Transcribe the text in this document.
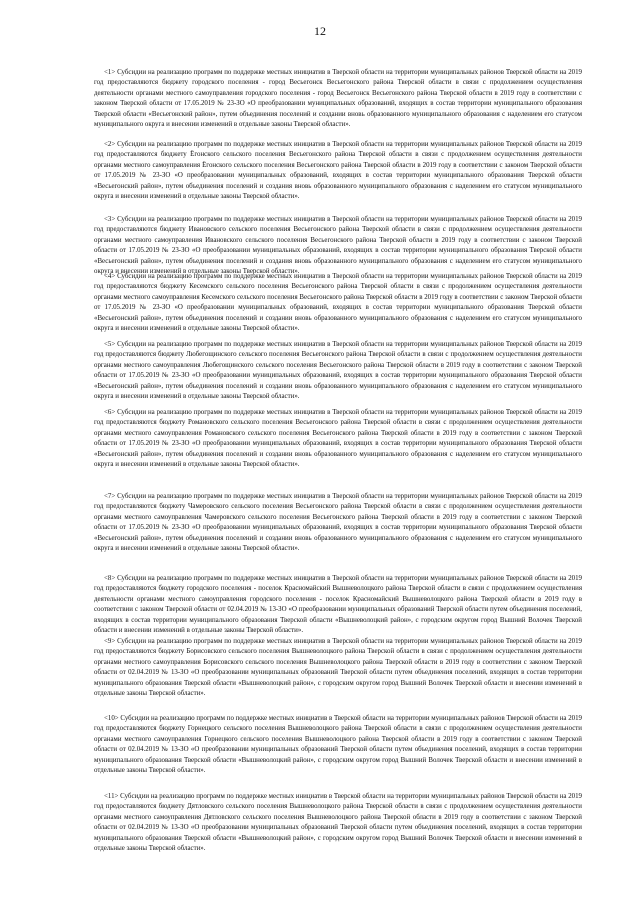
12

<1> Субсидии на реализацию программ по поддержке местных инициатив в Тверской области на территории муниципальных районов Тверской области на 2019 год предоставляются бюджету городского поселения - город Весьегонск Весьегонского района Тверской области в связи с продолжением осуществления деятельности органами местного самоуправления городского поселения - город Весьегонск Весьегонского района Тверской области в 2019 году в соответствии с законом Тверской области от 17.05.2019 № 23-ЗО «О преобразовании муниципальных образований, входящих в состав территории муниципального образования Тверской области «Весьегонский район», путем объединения поселений и создании вновь образованного муниципального образования с наделением его статусом муниципального округа и внесении изменений в отдельные законы Тверской области».

<2> Субсидии на реализацию программ по поддержке местных инициатив в Тверской области на территории муниципальных районов Тверской области на 2019 год предоставляются бюджету Ёгонского сельского поселения Весьегонского района Тверской области в связи с продолжением осуществления деятельности органами местного самоуправления Ёгонского сельского поселения Весьегонского района Тверской области в 2019 году в соответствии с законом Тверской области от 17.05.2019 № 23-ЗО «О преобразовании муниципальных образований, входящих в состав территории муниципального образования Тверской области «Весьегонский район», путем объединения поселений и создания вновь образованного муниципального образования с наделением его статусом муниципального округа и внесении изменений в отдельные законы Тверской области».

<3> Субсидии на реализацию программ по поддержке местных инициатив в Тверской области на территории муниципальных районов Тверской области на 2019 год предоставляются бюджету Ивановского сельского поселения Весьегонского района Тверской области в связи с продолжением осуществления деятельности органами местного самоуправления Ивановского сельского поселения Весьегонского района Тверской области в 2019 году в соответствии с законом Тверской области от 17.05.2019 № 23-ЗО «О преобразовании муниципальных образований, входящих в состав территории муниципального образования Тверской области «Весьегонский район», путем объединения поселений и создания вновь образованного муниципального образования с наделением его статусом муниципального округа и внесении изменений в отдельные законы Тверской области».

<4> Субсидии на реализацию программ по поддержке местных инициатив в Тверской области на территории муниципальных районов Тверской области на 2019 год предоставляются бюджету Кесемского сельского поселения Весьегонского района Тверской области в связи с продолжением осуществления деятельности органами местного самоуправления Кесемского сельского поселения Весьегонского района Тверской области в 2019 году в соответствии с законом Тверской области от 17.05.2019 № 23-ЗО «О преобразовании муниципальных образований, входящих в состав территории муниципального образования Тверской области «Весьегонский район», путем объединения поселений и создании вновь образованного муниципального образования с наделением его статусом муниципального округа и внесении изменений в отдельные законы Тверской области».

<5> Субсидии на реализацию программ по поддержке местных инициатив в Тверской области на территории муниципальных районов Тверской области на 2019 год предоставляются бюджету Любегощинского сельского поселения Весьегонского района Тверской области в связи с продолжением осуществления деятельности органами местного самоуправления Любегощинского сельского поселения Весьегонского района Тверской области в 2019 году в соответствии с законом Тверской области от 17.05.2019 № 23-ЗО «О преобразовании муниципальных образований, входящих в состав территории муниципального образования Тверской области «Весьегонский район», путем объединения поселений и создании вновь образованного муниципального образования с наделением его статусом муниципального округа и внесении изменений в отдельные законы Тверской области».

<6> Субсидии на реализацию программ по поддержке местных инициатив в Тверской области на территории муниципальных районов Тверской области на 2019 год предоставляются бюджету Романовского сельского поселения Весьегонского района Тверской области в связи с продолжением осуществления деятельности органами местного самоуправления Романовского сельского поселения Весьегонского района Тверской области в 2019 году в соответствии с законом Тверской области от 17.05.2019 № 23-ЗО «О преобразовании муниципальных образований, входящих в состав территории муниципального образования Тверской области «Весьегонский район», путем объединения поселений и создании вновь образованного муниципального образования с наделением его статусом муниципального округа и внесении изменений в отдельные законы Тверской области».

<7> Субсидии на реализацию программ по поддержке местных инициатив в Тверской области на территории муниципальных районов Тверской области на 2019 год предоставляются бюджету Чамеровского сельского поселения Весьегонского района Тверской области в связи с продолжением осуществления деятельности органами местного самоуправления Чамеровского сельского поселения Весьегонского района Тверской области в 2019 году в соответствии с законом Тверской области от 17.05.2019 № 23-ЗО «О преобразовании муниципальных образований, входящих в состав территории муниципального образования Тверской области «Весьегонский район», путем объединения поселений и создании вновь образованного муниципального образования с наделением его статусом муниципального округа и внесении изменений в отдельные законы Тверской области».

<8> Субсидии на реализацию программ по поддержке местных инициатив в Тверской области на территории муниципальных районов Тверской области на 2019 год предоставляются бюджету городского поселения - поселок Красномайский Вышневолоцкого района Тверской области в связи с продолжением осуществления деятельности органами местного самоуправления городского поселения - поселок Красномайский Вышневолоцкого района Тверской области в 2019 году в соответствии с законом Тверской области от 02.04.2019 № 13-ЗО «О преобразовании муниципальных образований Тверской области путем объединения поселений, входящих в состав территории муниципального образования Тверской области «Вышневолоцкий район», с городским округом город Вышний Волочек Тверской области и внесении изменений в отдельные законы Тверской области».

<9> Субсидии на реализацию программ по поддержке местных инициатив в Тверской области на территории муниципальных районов Тверской области на 2019 год предоставляются бюджету Борисовского сельского поселения Вышневолоцкого района Тверской области в связи с продолжением осуществления деятельности органами местного самоуправления Борисовского сельского поселения Вышневолоцкого района Тверской области в 2019 году в соответствии с законом Тверской области от 02.04.2019 № 13-ЗО «О преобразовании муниципальных образований Тверской области путем объединения поселений, входящих в состав территории муниципального образования Тверской области «Вышневолоцкий район», с городским округом город Вышний Волочек Тверской области и внесении изменений в отдельные законы Тверской области».

<10> Субсидии на реализацию программ по поддержке местных инициатив в Тверской области на территории муниципальных районов Тверской области на 2019 год предоставляются бюджету Горнецкого сельского поселения Вышневолоцкого района Тверской области в связи с продолжением осуществления деятельности органами местного самоуправления Горнецкого сельского поселения Вышневолоцкого района Тверской области в 2019 году в соответствии с законом Тверской области от 02.04.2019 № 13-ЗО «О преобразовании муниципальных образований Тверской области путем объединения поселений, входящих в состав территории муниципального образования Тверской области «Вышневолоцкий район», с городским округом город Вышний Волочек Тверской области и внесении изменений в отдельные законы Тверской области».

<11> Субсидии на реализацию программ по поддержке местных инициатив в Тверской области на территории муниципальных районов Тверской области на 2019 год предоставляются бюджету Дятловского сельского поселения Вышневолоцкого района Тверской области в связи с продолжением осуществления деятельности органами местного самоуправления Дятловского сельского поселения Вышневолоцкого района Тверской области в 2019 году в соответствии с законом Тверской области от 02.04.2019 № 13-ЗО «О преобразовании муниципальных образований Тверской области путем объединения поселений, входящих в состав территории муниципального образования Тверской области «Вышневолоцкий район», с городским округом город Вышний Волочек Тверской области и внесении изменений в отдельные законы Тверской области».
